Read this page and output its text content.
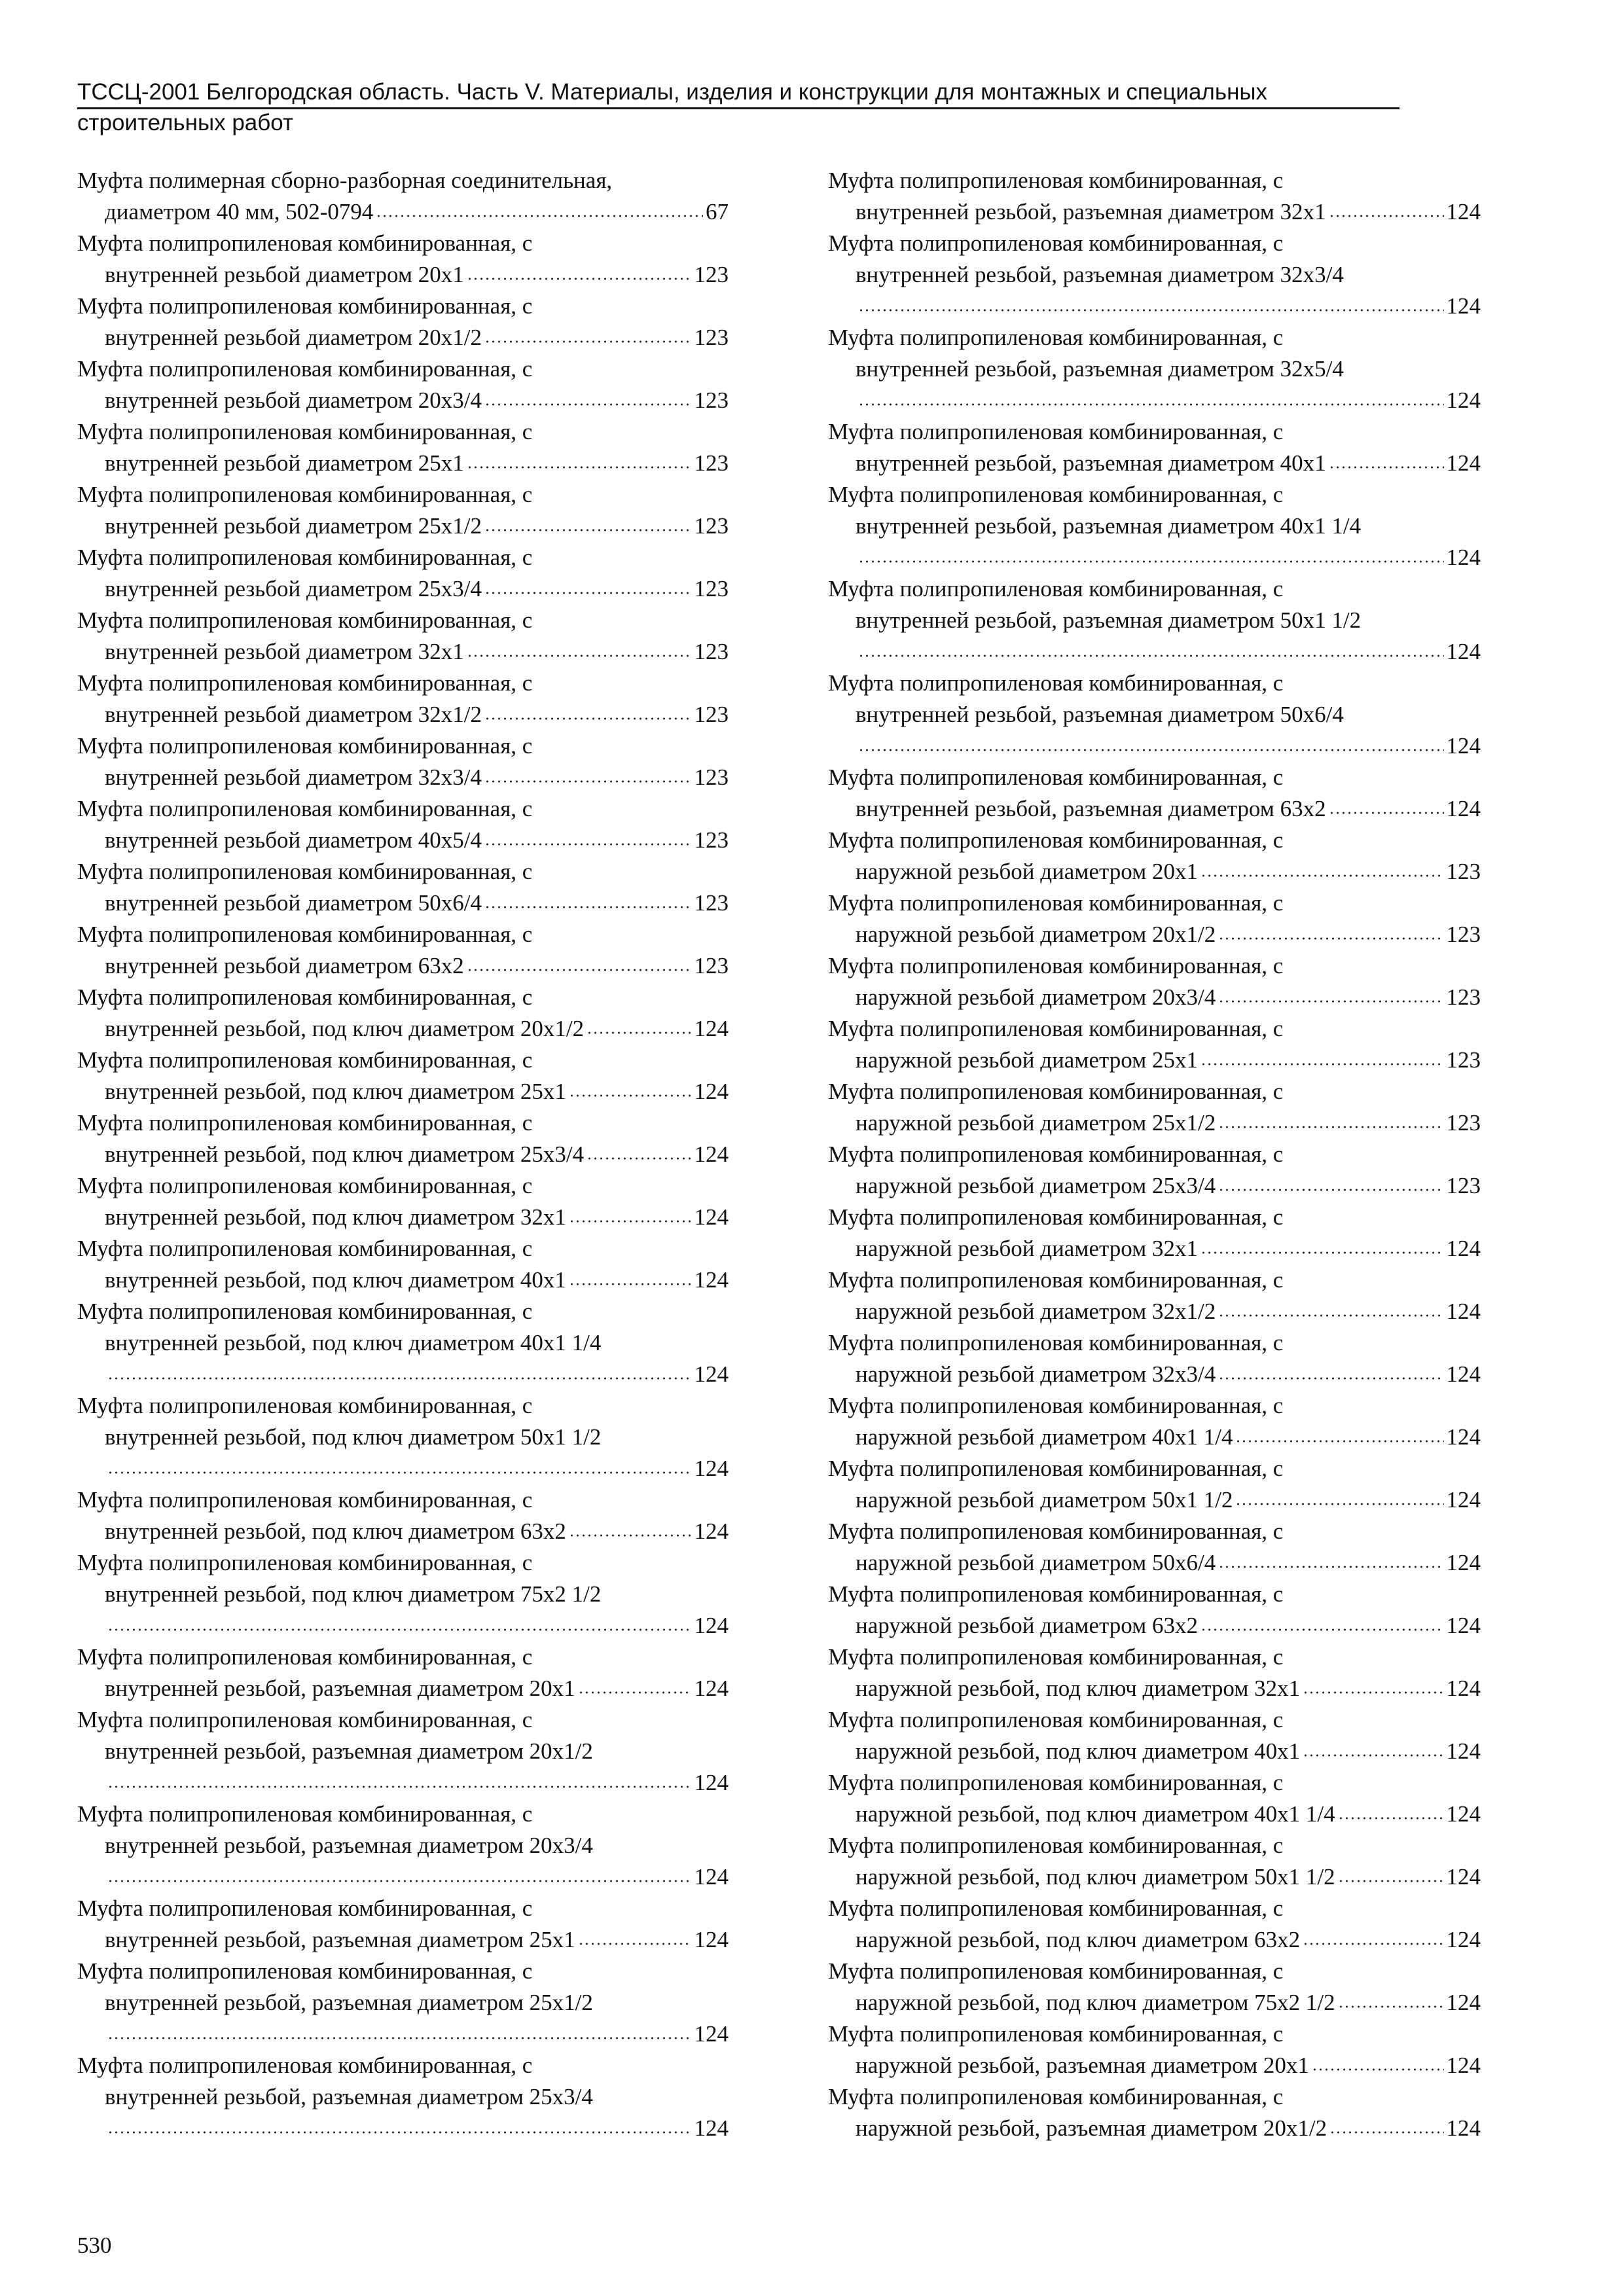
ТССЦ-2001 Белгородская область. Часть V. Материалы, изделия и конструкции для монтажных и специальных
строительных работ
Муфта полимерная сборно-разборная соединительная,
диаметром 40 мм, 502-0794	67
Муфта полипропиленовая комбинированная, с
внутренней резьбой диаметром 20х1	123
Муфта полипропиленовая комбинированная, с
внутренней резьбой диаметром 20х1/2	123
Муфта полипропиленовая комбинированная, с
внутренней резьбой диаметром 20х3/4	123
Муфта полипропиленовая комбинированная, с
внутренней резьбой диаметром 25х1	123
Муфта полипропиленовая комбинированная, с
внутренней резьбой диаметром 25х1/2	123
Муфта полипропиленовая комбинированная, с
внутренней резьбой диаметром 25х3/4	123
Муфта полипропиленовая комбинированная, с
внутренней резьбой диаметром 32х1	123
Муфта полипропиленовая комбинированная, с
внутренней резьбой диаметром 32х1/2	123
Муфта полипропиленовая комбинированная, с
внутренней резьбой диаметром 32х3/4	123
Муфта полипропиленовая комбинированная, с
внутренней резьбой диаметром 40х5/4	123
Муфта полипропиленовая комбинированная, с
внутренней резьбой диаметром 50х6/4	123
Муфта полипропиленовая комбинированная, с
внутренней резьбой диаметром 63х2	123
Муфта полипропиленовая комбинированная, с
внутренней резьбой, под ключ диаметром 20х1/2	124
Муфта полипропиленовая комбинированная, с
внутренней резьбой, под ключ диаметром 25х1	124
Муфта полипропиленовая комбинированная, с
внутренней резьбой, под ключ диаметром 25х3/4	124
Муфта полипропиленовая комбинированная, с
внутренней резьбой, под ключ диаметром 32х1	124
Муфта полипропиленовая комбинированная, с
внутренней резьбой, под ключ диаметром 40х1	124
Муфта полипропиленовая комбинированная, с
внутренней резьбой, под ключ диаметром 40х1 1/4
124
Муфта полипропиленовая комбинированная, с
внутренней резьбой, под ключ диаметром 50х1 1/2
124
Муфта полипропиленовая комбинированная, с
внутренней резьбой, под ключ диаметром 63х2	124
Муфта полипропиленовая комбинированная, с
внутренней резьбой, под ключ диаметром 75х2 1/2
124
Муфта полипропиленовая комбинированная, с
внутренней резьбой, разъемная диаметром 20х1	124
Муфта полипропиленовая комбинированная, с
внутренней резьбой, разъемная диаметром 20х1/2
124
Муфта полипропиленовая комбинированная, с
внутренней резьбой, разъемная диаметром 20х3/4
124
Муфта полипропиленовая комбинированная, с
внутренней резьбой, разъемная диаметром 25х1	124
Муфта полипропиленовая комбинированная, с
внутренней резьбой, разъемная диаметром 25х1/2
124
Муфта полипропиленовая комбинированная, с
внутренней резьбой, разъемная диаметром 25х3/4
124
Муфта полипропиленовая комбинированная, с
внутренней резьбой, разъемная диаметром 32х1	124
Муфта полипропиленовая комбинированная, с
внутренней резьбой, разъемная диаметром 32х3/4
124
Муфта полипропиленовая комбинированная, с
внутренней резьбой, разъемная диаметром 32х5/4
124
Муфта полипропиленовая комбинированная, с
внутренней резьбой, разъемная диаметром 40х1	124
Муфта полипропиленовая комбинированная, с
внутренней резьбой, разъемная диаметром 40х1 1/4
124
Муфта полипропиленовая комбинированная, с
внутренней резьбой, разъемная диаметром 50х1 1/2
124
Муфта полипропиленовая комбинированная, с
внутренней резьбой, разъемная диаметром 50х6/4
124
Муфта полипропиленовая комбинированная, с
внутренней резьбой, разъемная диаметром 63х2	124
Муфта полипропиленовая комбинированная, с
наружной резьбой диаметром 20х1	123
Муфта полипропиленовая комбинированная, с
наружной резьбой диаметром 20х1/2	123
Муфта полипропиленовая комбинированная, с
наружной резьбой диаметром 20х3/4	123
Муфта полипропиленовая комбинированная, с
наружной резьбой диаметром 25х1	123
Муфта полипропиленовая комбинированная, с
наружной резьбой диаметром 25х1/2	123
Муфта полипропиленовая комбинированная, с
наружной резьбой диаметром 25х3/4	123
Муфта полипропиленовая комбинированная, с
наружной резьбой диаметром 32х1	124
Муфта полипропиленовая комбинированная, с
наружной резьбой диаметром 32х1/2	124
Муфта полипропиленовая комбинированная, с
наружной резьбой диаметром 32х3/4	124
Муфта полипропиленовая комбинированная, с
наружной резьбой диаметром 40х1 1/4	124
Муфта полипропиленовая комбинированная, с
наружной резьбой диаметром 50х1 1/2	124
Муфта полипропиленовая комбинированная, с
наружной резьбой диаметром 50х6/4	124
Муфта полипропиленовая комбинированная, с
наружной резьбой диаметром 63х2	124
Муфта полипропиленовая комбинированная, с
наружной резьбой, под ключ диаметром 32х1	124
Муфта полипропиленовая комбинированная, с
наружной резьбой, под ключ диаметром 40х1	124
Муфта полипропиленовая комбинированная, с
наружной резьбой, под ключ диаметром 40х1 1/4	124
Муфта полипропиленовая комбинированная, с
наружной резьбой, под ключ диаметром 50х1 1/2	124
Муфта полипропиленовая комбинированная, с
наружной резьбой, под ключ диаметром 63х2	124
Муфта полипропиленовая комбинированная, с
наружной резьбой, под ключ диаметром 75х2 1/2	124
Муфта полипропиленовая комбинированная, с
наружной резьбой, разъемная диаметром 20х1	124
Муфта полипропиленовая комбинированная, с
наружной резьбой, разъемная диаметром 20х1/2	124
530
